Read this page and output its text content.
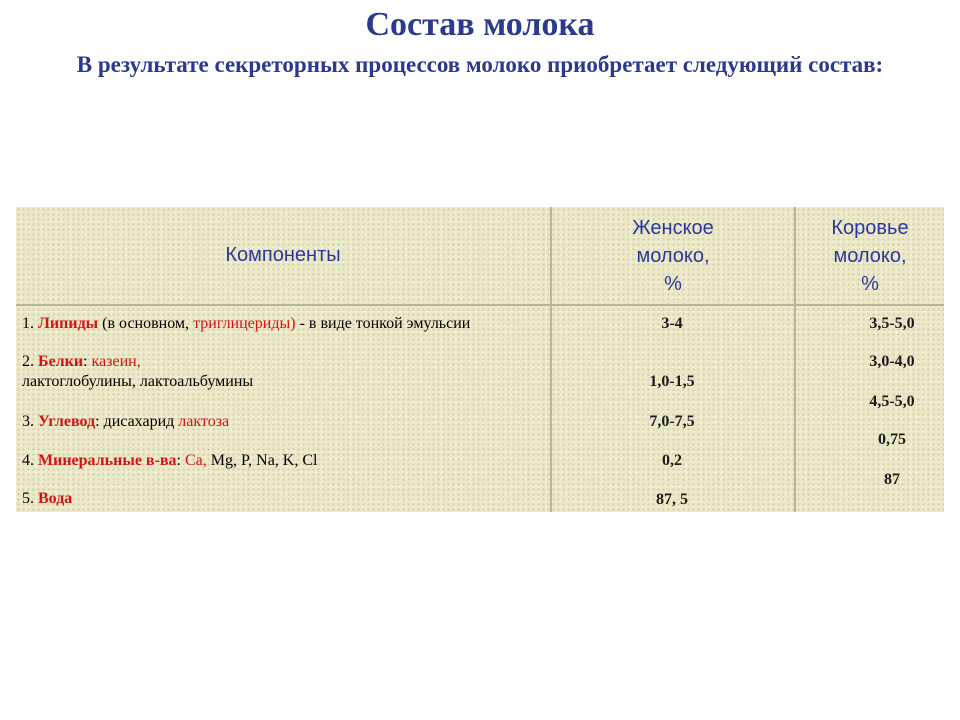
Состав молока
В результате секреторных процессов молоко приобретает следующий состав:
Компоненты
Женское
молоко,
%
Коровье
молоко,
%
1. Липиды (в основном, триглицериды) - в виде тонкой эмульсии
2. Белки: казеин,
лактоглобулины, лактоальбумины
3. Углевод: дисахарид лактоза
4. Минеральные в-ва: Ca, Mg, P, Na, K, Cl
5. Вода
3-4
1,0-1,5
7,0-7,5
0,2
87, 5
3,5-5,0
3,0-4,0
4,5-5,0
0,75
87
